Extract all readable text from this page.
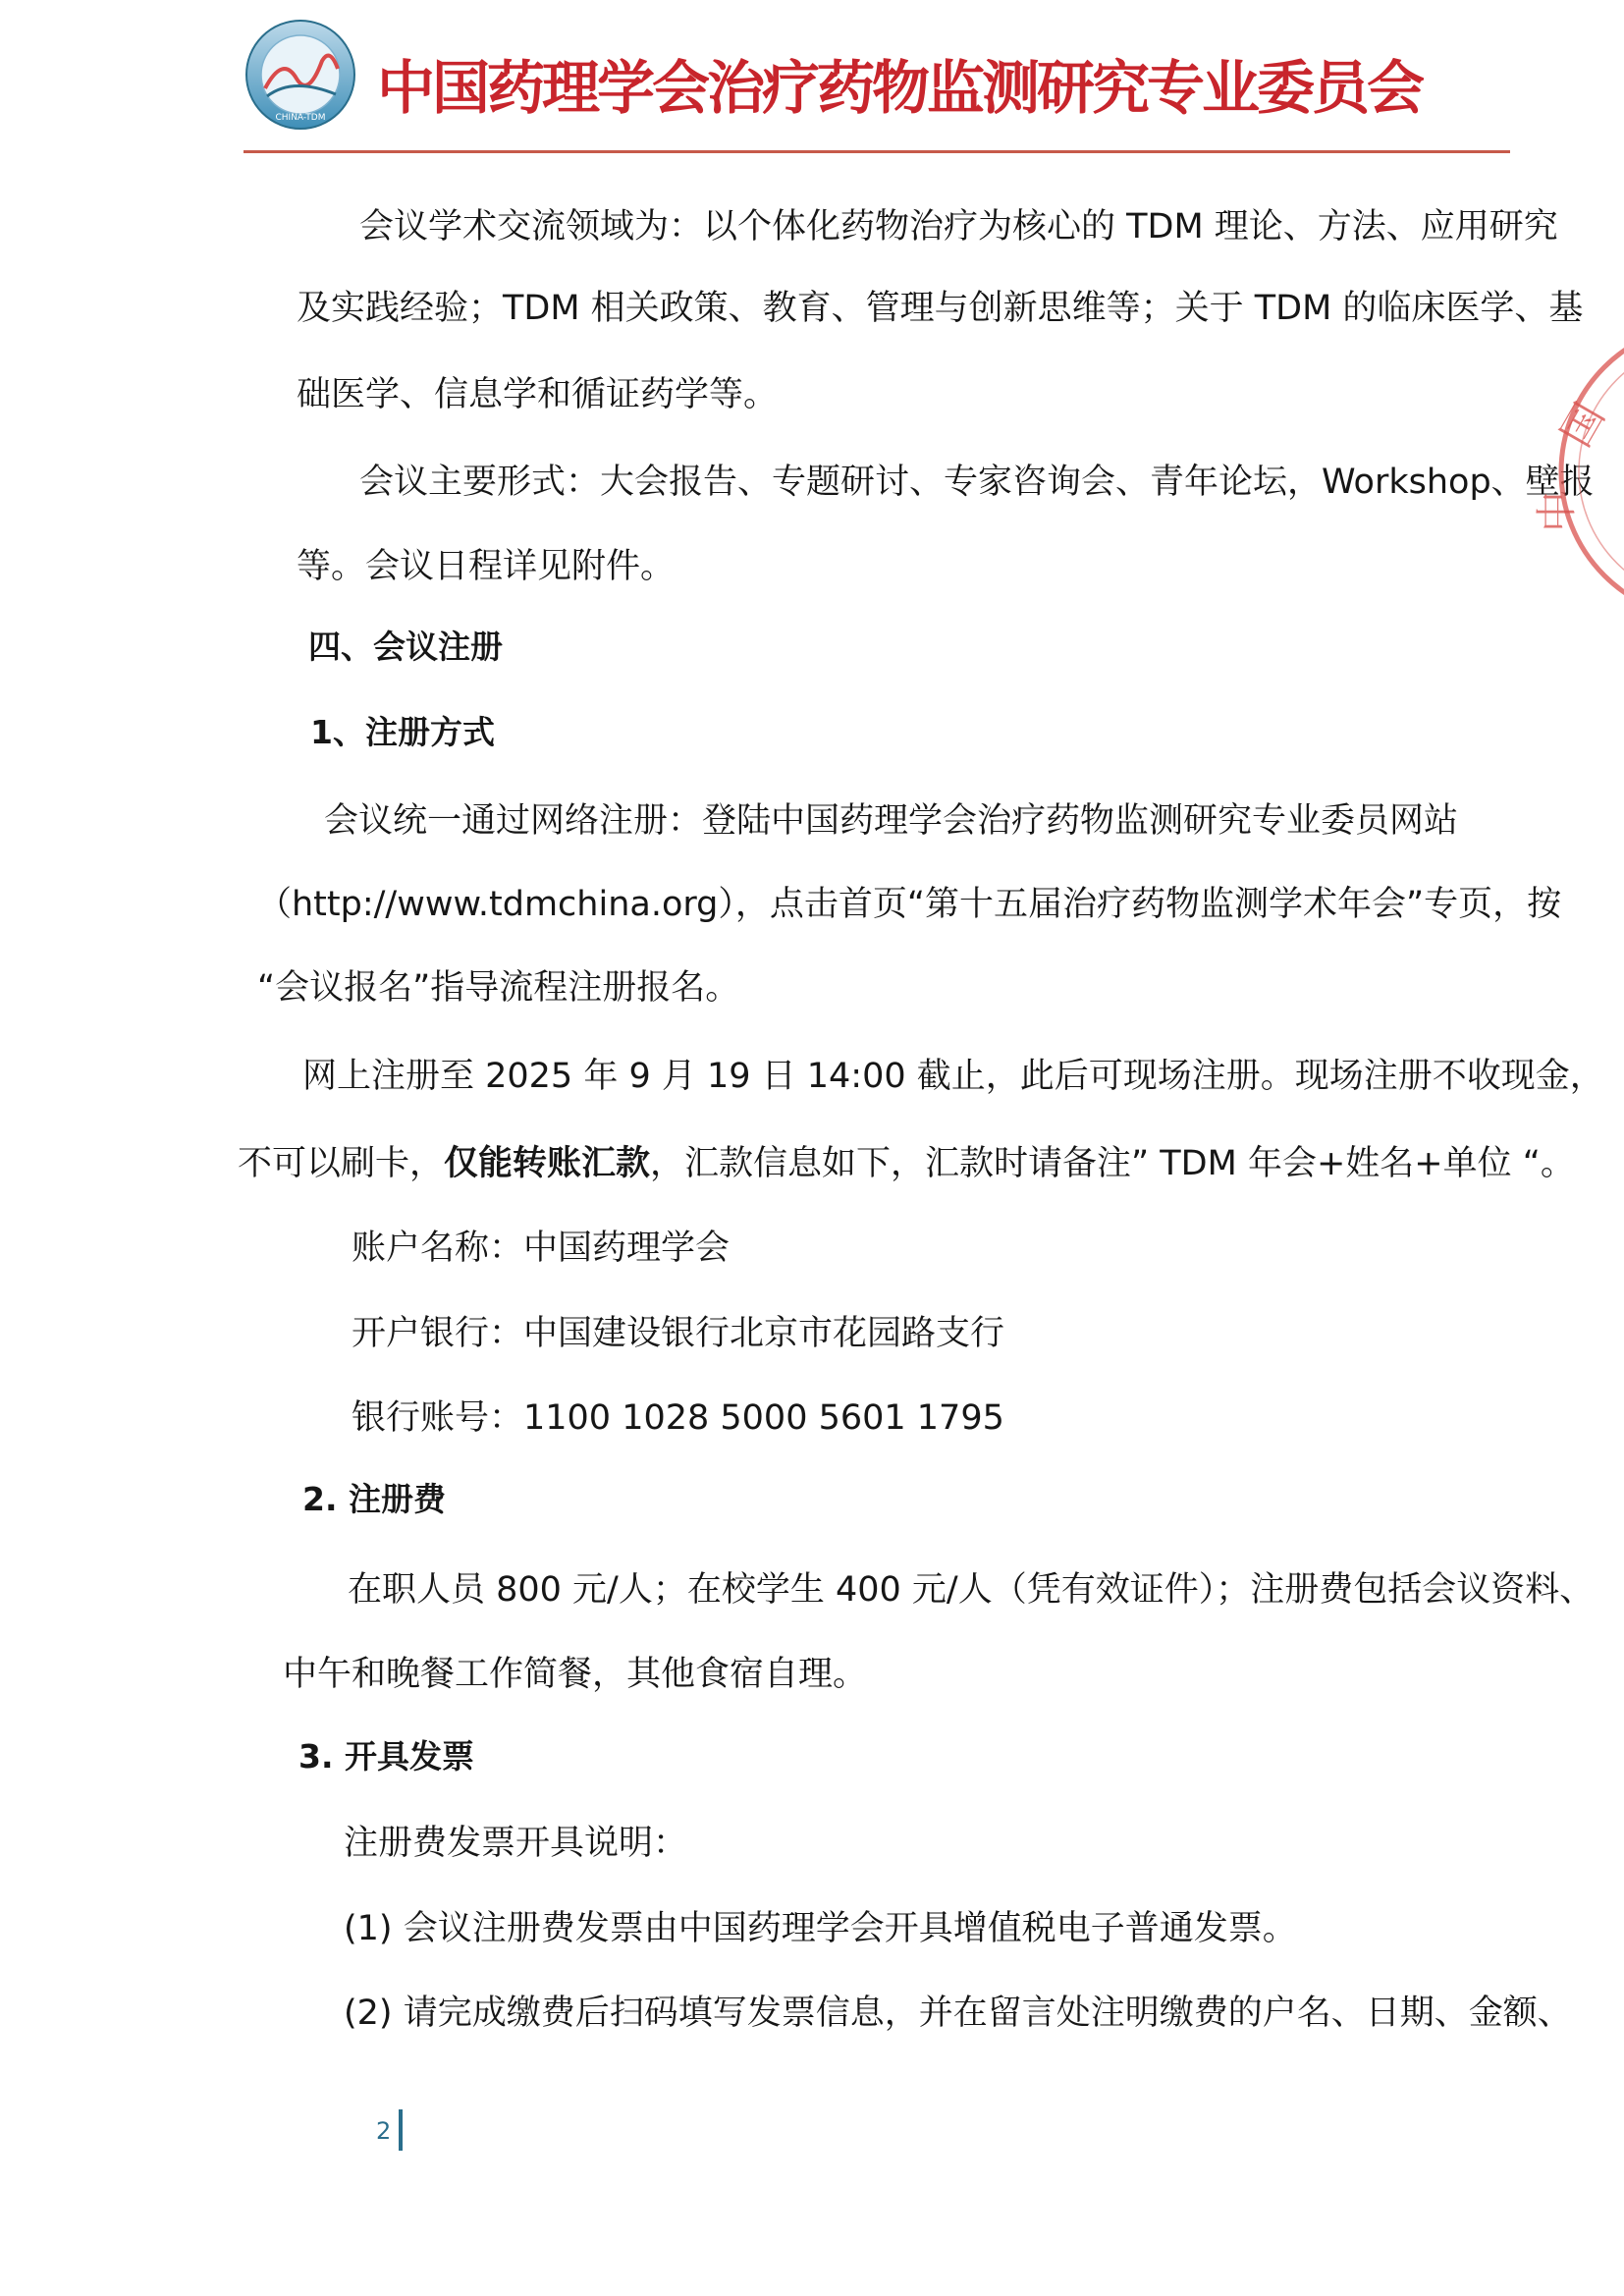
CHINA-TDM 中国药理学会治疗药物监测研究专业委员会
会议学术交流领域为：以个体化药物治疗为核心的 TDM 理论、方法、应用研究
及实践经验；TDM 相关政策、教育、管理与创新思维等；关于 TDM 的临床医学、基
础医学、信息学和循证药学等。
会议主要形式：大会报告、专题研讨、专家咨询会、青年论坛，Workshop、壁报
等。会议日程详见附件。
四、会议注册
1、注册方式
会议统一通过网络注册：登陆中国药理学会治疗药物监测研究专业委员网站
（http://www.tdmchina.org），点击首页“第十五届治疗药物监测学术年会”专页，按
“会议报名”指导流程注册报名。
网上注册至 2025 年 9 月 19 日 14:00 截止，此后可现场注册。现场注册不收现金，
不可以刷卡，仅能转账汇款，汇款信息如下，汇款时请备注” TDM 年会+姓名+单位 “。
账户名称：中国药理学会
开户银行：中国建设银行北京市花园路支行
银行账号：1100 1028 5000 5601 1795
2. 注册费
在职人员 800 元/人；在校学生 400 元/人（凭有效证件）；注册费包括会议资料、
中午和晚餐工作简餐，其他食宿自理。
3. 开具发票
注册费发票开具说明：
(1) 会议注册费发票由中国药理学会开具增值税电子普通发票。
(2) 请完成缴费后扫码填写发票信息，并在留言处注明缴费的户名、日期、金额、
国
中
2
